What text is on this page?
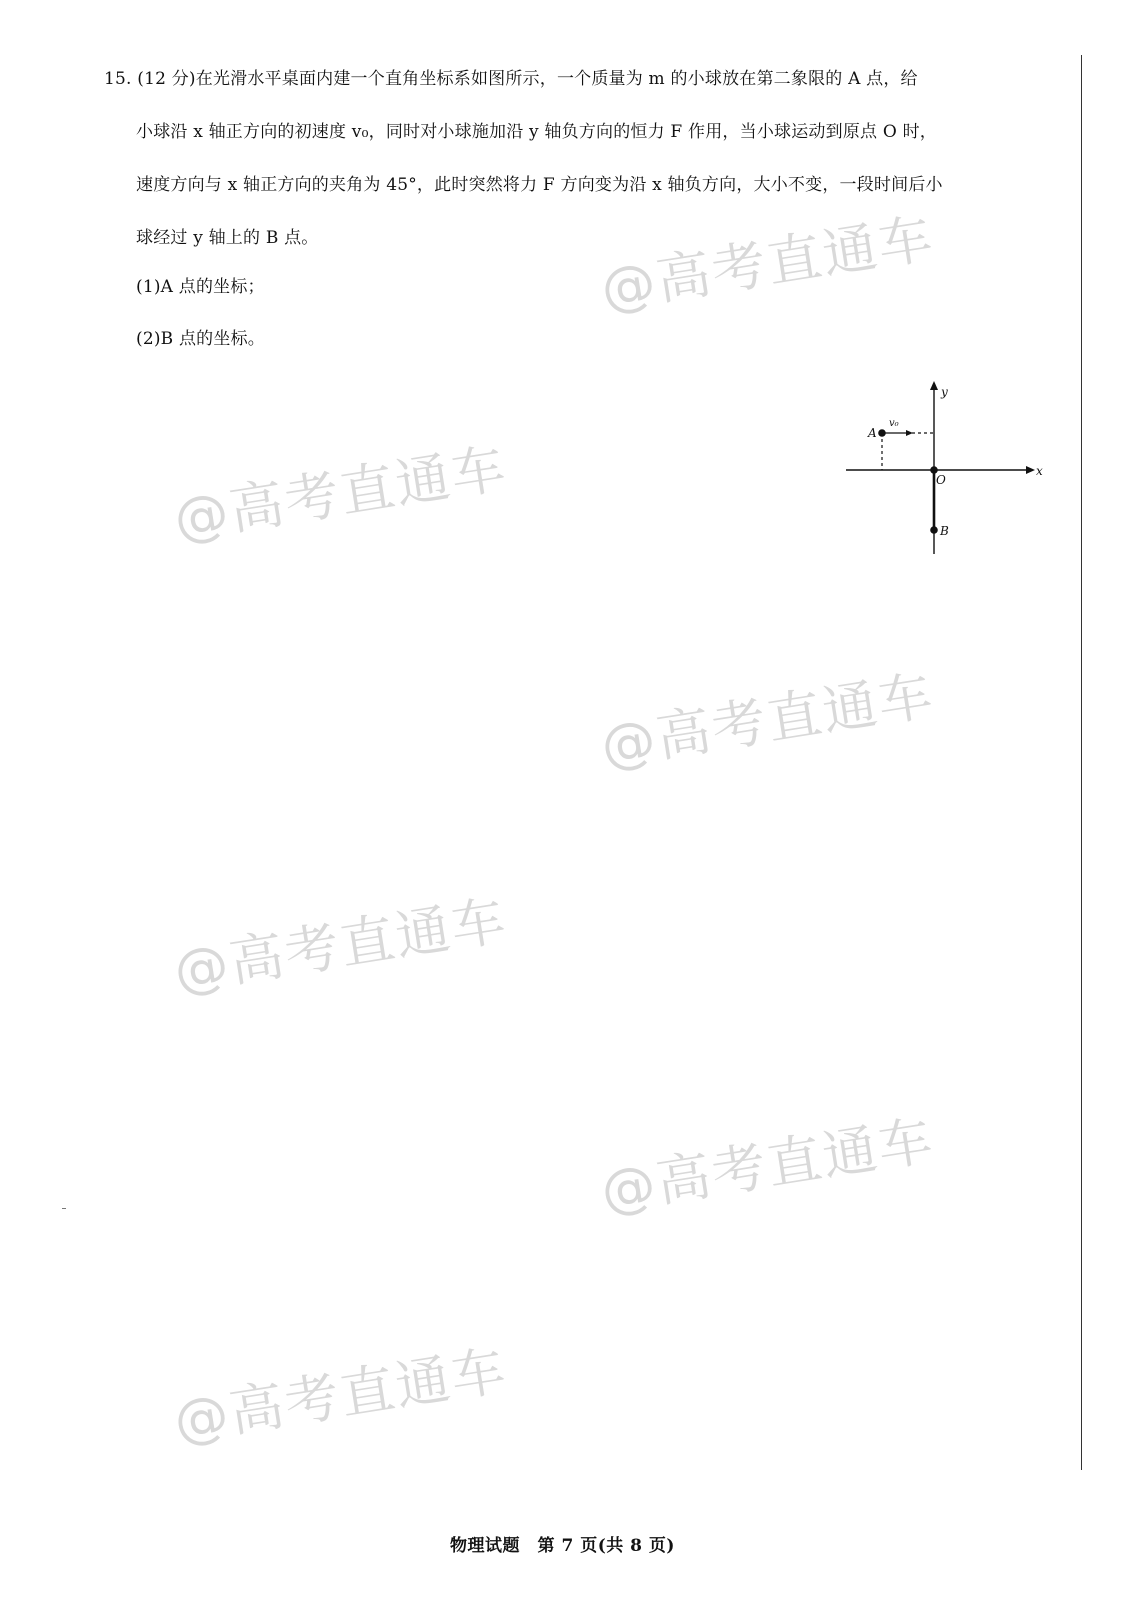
@高考直通车
@高考直通车
@高考直通车
@高考直通车
@高考直通车
@高考直通车
15. (12 分)在光滑水平桌面内建一个直角坐标系如图所示，一个质量为 m 的小球放在第二象限的 A 点，给
小球沿 x 轴正方向的初速度 v₀，同时对小球施加沿 y 轴负方向的恒力 F 作用，当小球运动到原点 O 时，
速度方向与 x 轴正方向的夹角为 45°，此时突然将力 F 方向变为沿 x 轴负方向，大小不变，一段时间后小
球经过 y 轴上的 B 点。
(1)A 点的坐标；
(2)B 点的坐标。
y
x
A
v₀
O
B
物理试题　第 7 页(共 8 页)
